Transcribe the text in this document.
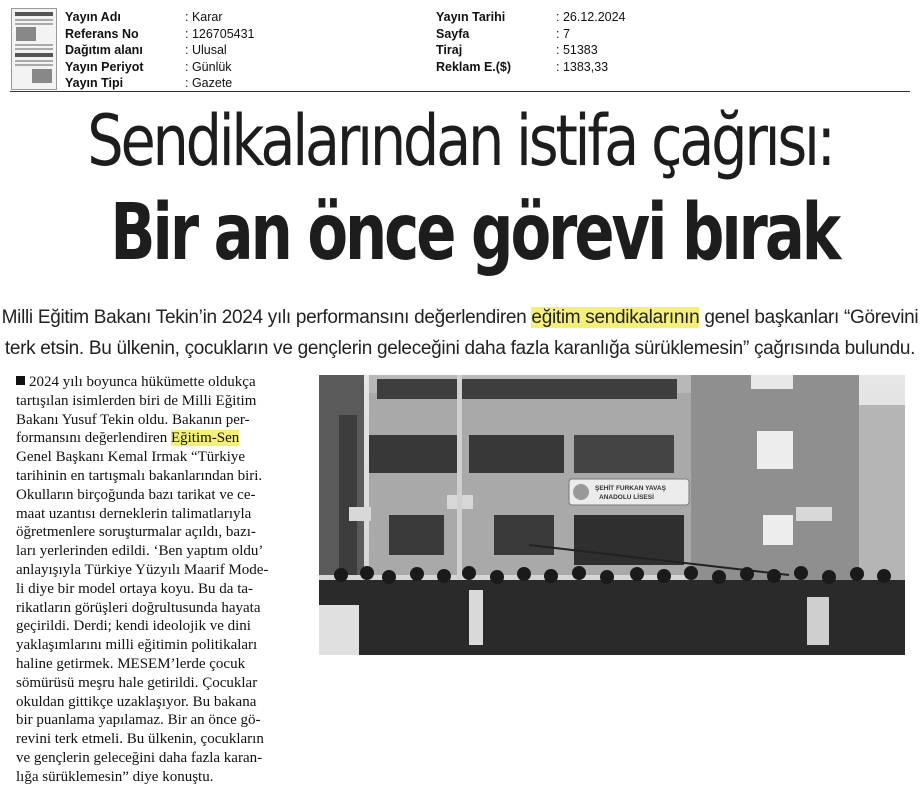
Yayın Adı	: Karar
Referans No	: 126705431
Dağıtım alanı	: Ulusal
Yayın Periyot	: Günlük
Yayın Tipi	: Gazete
Yayın Tarihi	: 26.12.2024
Sayfa	: 7
Tiraj	: 51383
Reklam E.($)	: 1383,33
Sendikalarından istifa çağrısı:
Bir an önce görevi bırak
Milli Eğitim Bakanı Tekin’in 2024 yılı performansını değerlendiren eğitim sendikalarının genel başkanları “Görevini
terk etsin. Bu ülkenin, çocukların ve gençlerin geleceğini daha fazla karanlığa sürüklemesin” çağrısında bulundu.
2024 yılı boyunca hükümette oldukça
tartışılan isimlerden biri de Milli Eğitim
Bakanı Yusuf Tekin oldu. Bakanın per-
formansını değerlendiren Eğitim-Sen
Genel Başkanı Kemal Irmak “Türkiye
tarihinin en tartışmalı bakanlarından biri.
Okulların birçoğunda bazı tarikat ve ce-
maat uzantısı derneklerin talimatlarıyla
öğretmenlere soruşturmalar açıldı, bazı-
ları yerlerinden edildi. ‘Ben yaptım oldu’
anlayışıyla Türkiye Yüzyılı Maarif Mode-
li diye bir model ortaya koyu. Bu da ta-
rikatların görüşleri doğrultusunda hayata
geçirildi. Derdi; kendi ideolojik ve dini
yaklaşımlarını milli eğitimin politikaları
haline getirmek. MESEM’lerde çocuk
sömürüsü meşru hale getirildi. Çocuklar
okuldan gittikçe uzaklaşıyor. Bu bakana
bir puanlama yapılamaz. Bir an önce gö-
revini terk etmeli. Bu ülkenin, çocukların
ve gençlerin geleceğini daha fazla karan-
lığa sürüklemesin” diye konuştu.
ŞEHİT FURKAN YAVAŞ
ANADOLU LİSESİ
